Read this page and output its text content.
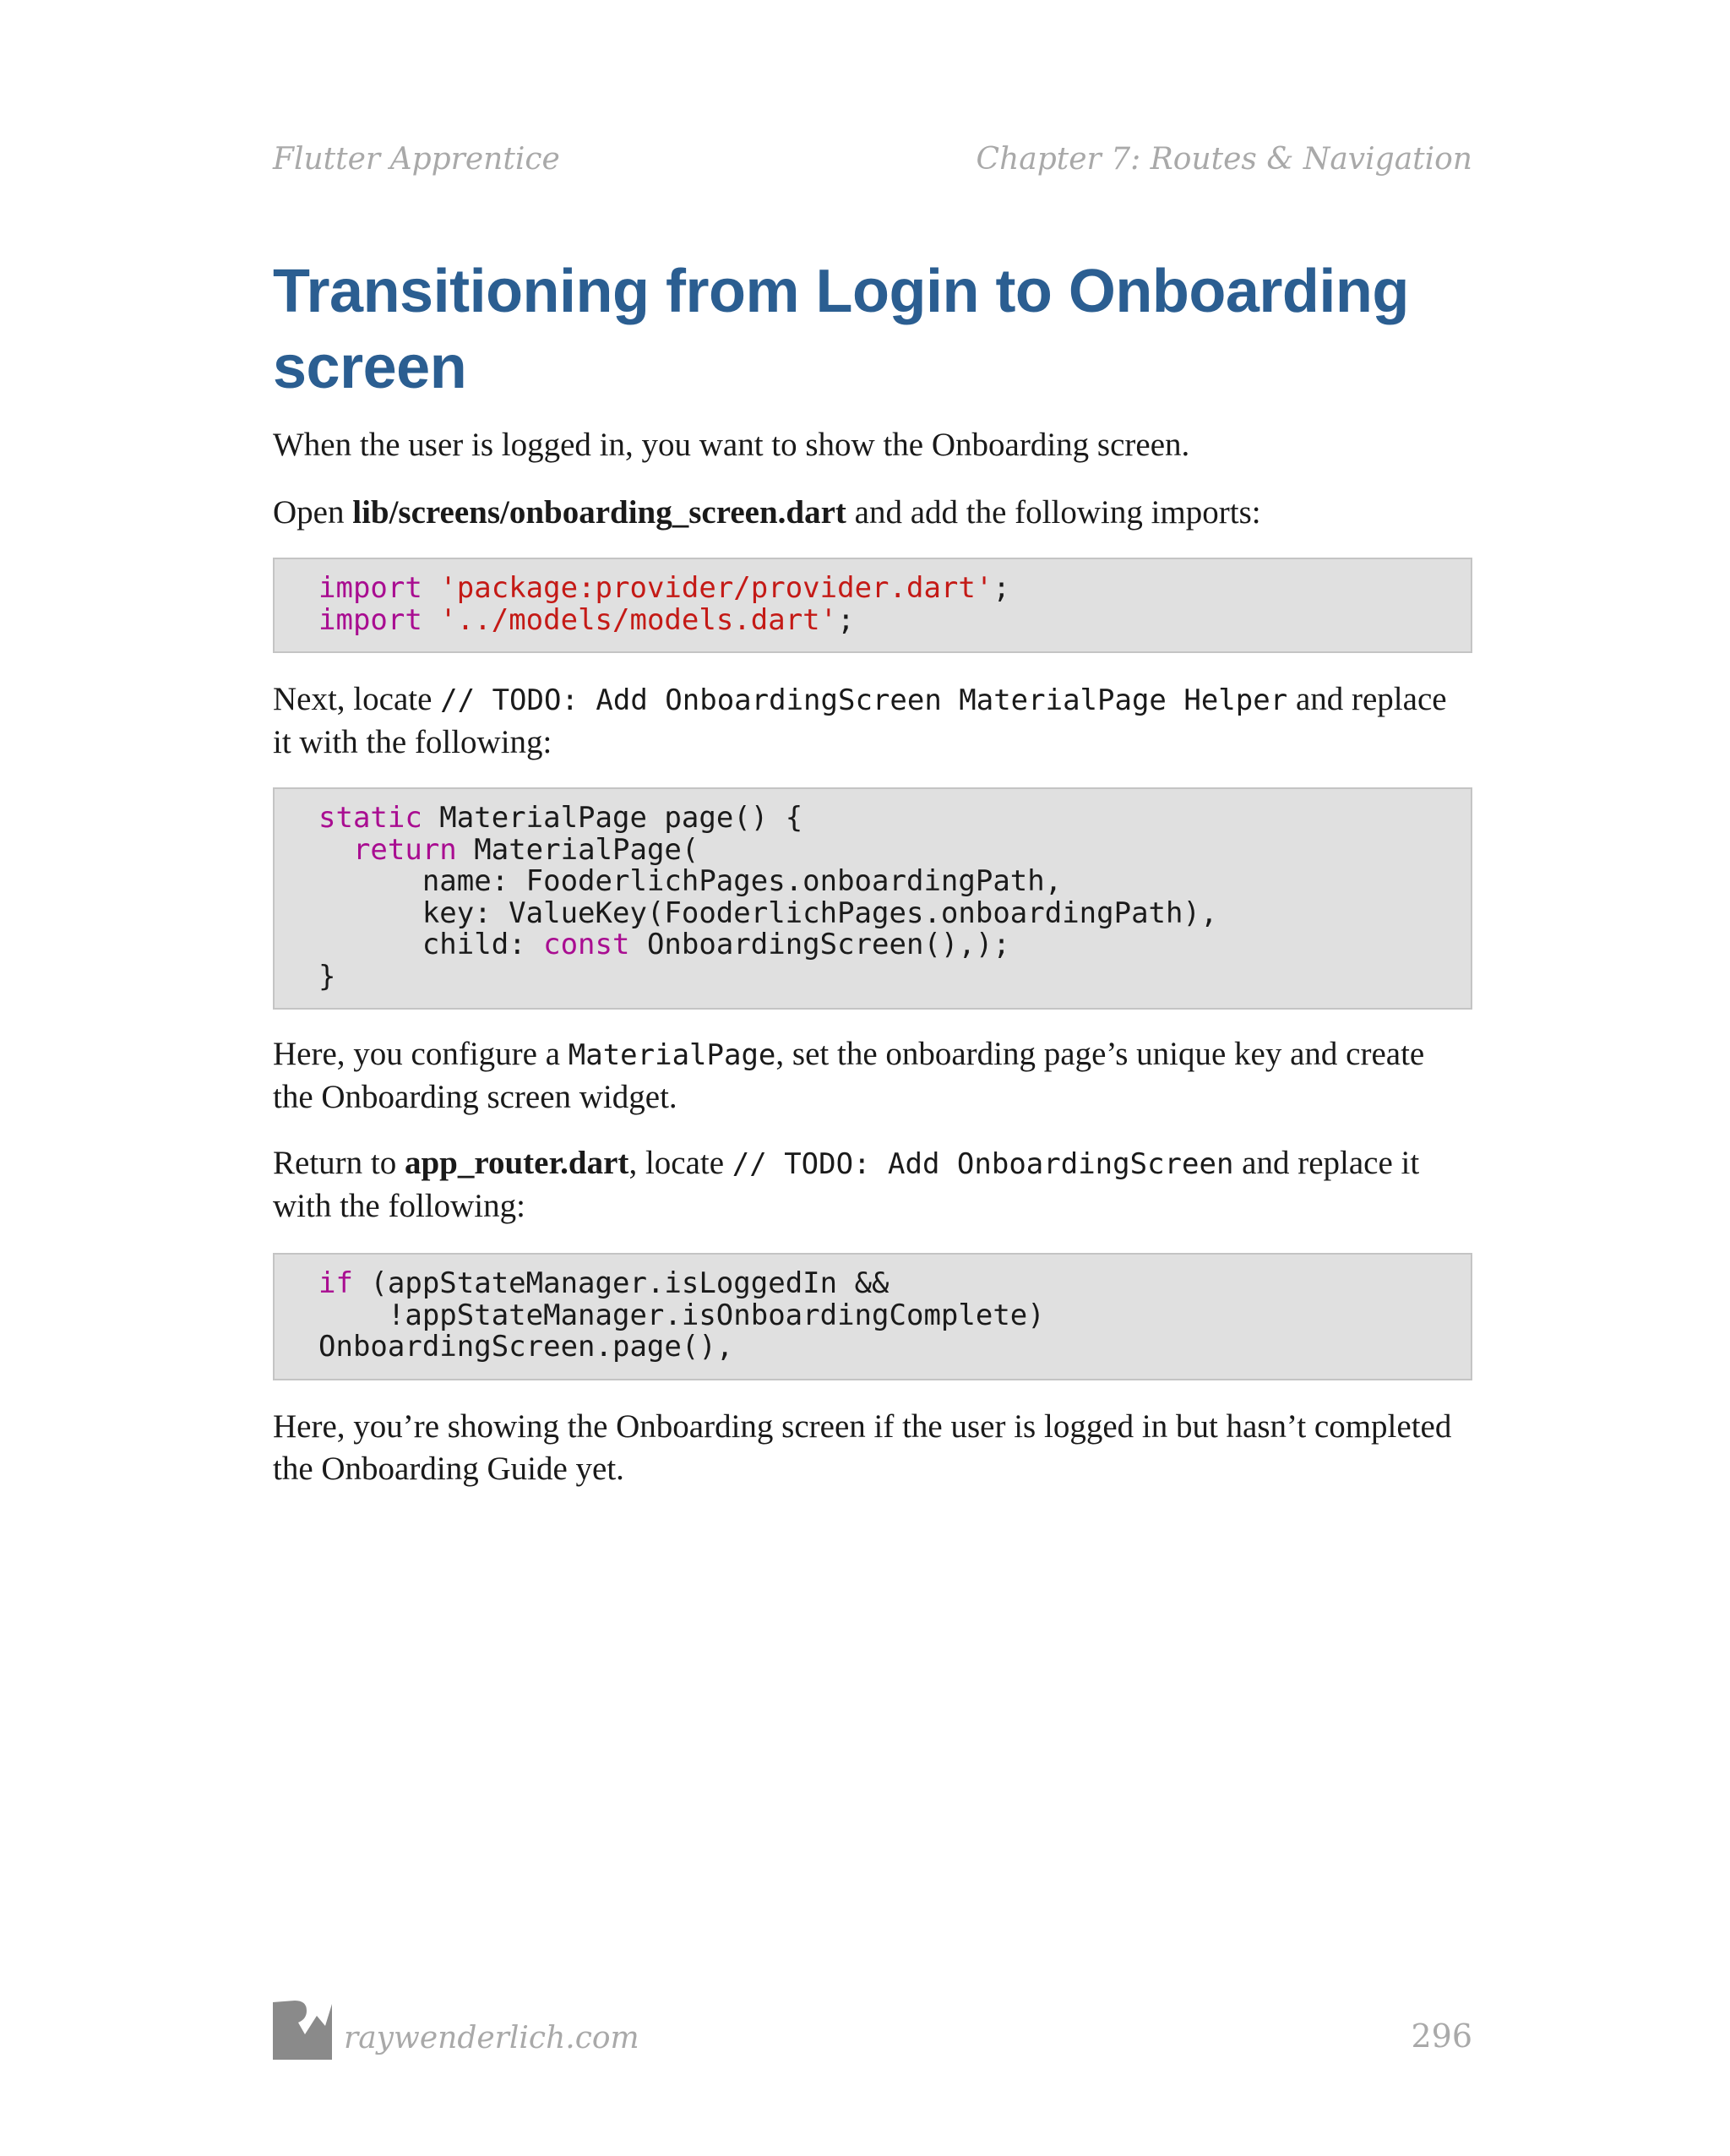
Flutter Apprentice	Chapter 7: Routes & Navigation
Transitioning from Login to Onboarding screen

When the user is logged in, you want to show the Onboarding screen.

Open lib/screens/onboarding_screen.dart and add the following imports:

import 'package:provider/provider.dart';
import '../models/models.dart';

Next, locate // TODO: Add OnboardingScreen MaterialPage Helper and replace it with the following:

static MaterialPage page() {
return MaterialPage(
name: FooderlichPages.onboardingPath,
key: ValueKey(FooderlichPages.onboardingPath),
child: const OnboardingScreen(),);
}

Here, you configure a MaterialPage, set the onboarding page’s unique key and create the Onboarding screen widget.

Return to app_router.dart, locate // TODO: Add OnboardingScreen and replace it with the following:

if (appStateManager.isLoggedIn &&
!appStateManager.isOnboardingComplete)
OnboardingScreen.page(),

Here, you’re showing the Onboarding screen if the user is logged in but hasn’t completed the Onboarding Guide yet.

raywenderlich.com	296
